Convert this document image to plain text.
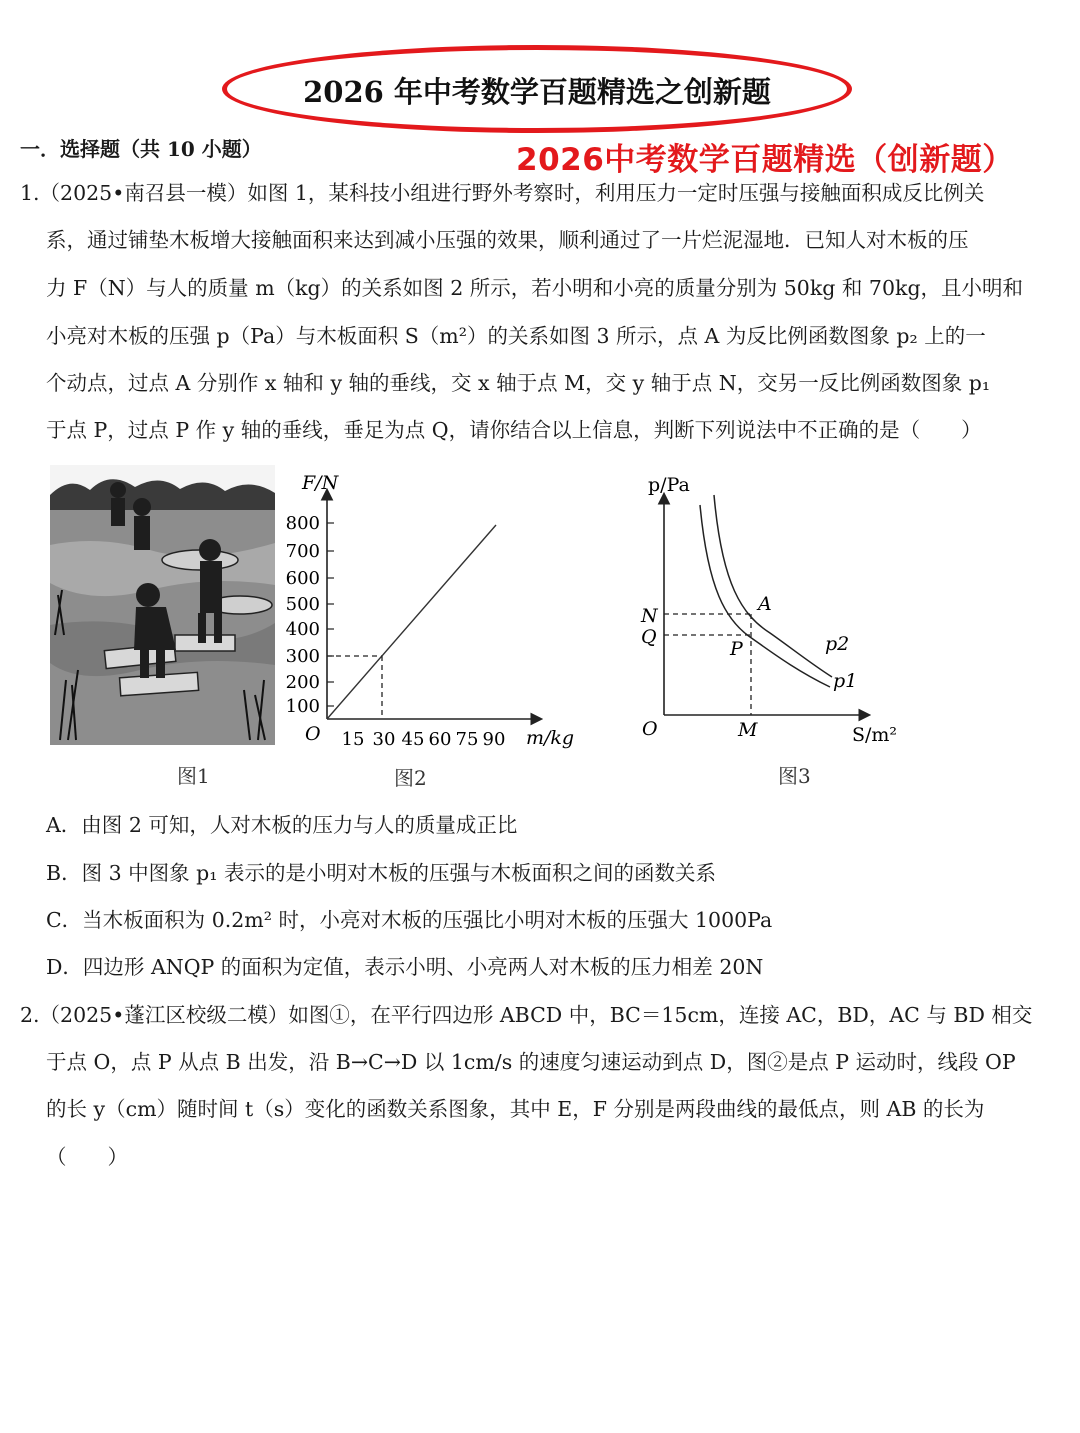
2026 年中考数学百题精选之创新题
一．选择题（共 10 小题）	2026中考数学百题精选（创新题）
1.（2025•南召县一模）如图 1，某科技小组进行野外考察时，利用压力一定时压强与接触面积成反比例关
系，通过铺垫木板增大接触面积来达到减小压强的效果，顺利通过了一片烂泥湿地．已知人对木板的压
力 F（N）与人的质量 m（kg）的关系如图 2 所示，若小明和小亮的质量分别为 50kg 和 70kg，且小明和
小亮对木板的压强 p（Pa）与木板面积 S（m²）的关系如图 3 所示，点 A 为反比例函数图象 p₂ 上的一
个动点，过点 A 分别作 x 轴和 y 轴的垂线，交 x 轴于点 M，交 y 轴于点 N，交另一反比例函数图象 p₁
于点 P，过点 P 作 y 轴的垂线，垂足为点 Q，请你结合以上信息，判断下列说法中不正确的是（　　）
图1
F/N
m/kg
O
800
700
600
500
400
300
200
100
15 30 45 60 75 90
图2
p/Pa
S/m²
O
N
Q
A
P
M
p2
p1
图3
A．由图 2 可知，人对木板的压力与人的质量成正比
B．图 3 中图象 p₁ 表示的是小明对木板的压强与木板面积之间的函数关系
C．当木板面积为 0.2m² 时，小亮对木板的压强比小明对木板的压强大 1000Pa
D．四边形 ANQP 的面积为定值，表示小明、小亮两人对木板的压力相差 20N
2.（2025•蓬江区校级二模）如图①，在平行四边形 ABCD 中，BC＝15cm，连接 AC，BD，AC 与 BD 相交
于点 O，点 P 从点 B 出发，沿 B→C→D 以 1cm/s 的速度匀速运动到点 D，图②是点 P 运动时，线段 OP
的长 y（cm）随时间 t（s）变化的函数关系图象，其中 E，F 分别是两段曲线的最低点，则 AB 的长为
（　　）
